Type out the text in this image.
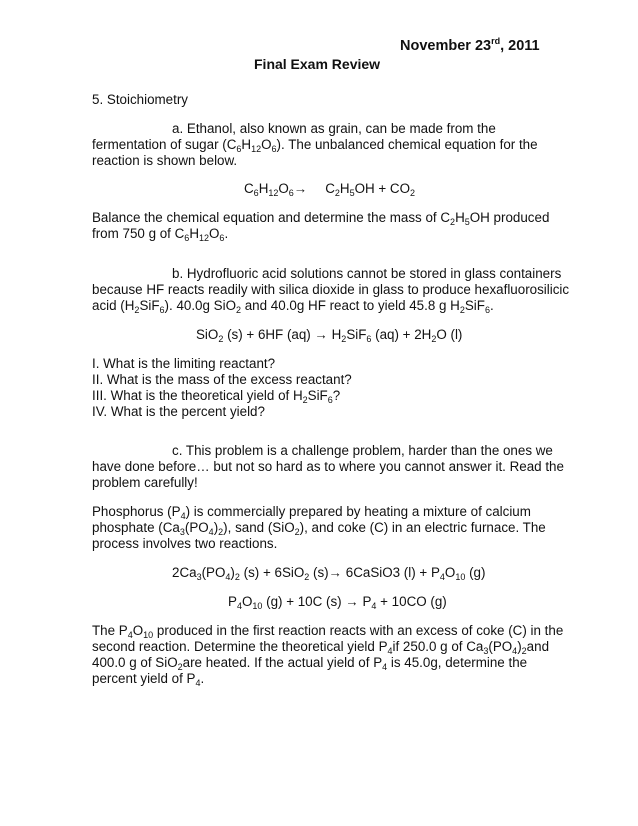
November 23rd, 2011
Final Exam Review
5. Stoichiometry
a. Ethanol, also known as grain, can be made from the
fermentation of sugar $(C_6H_{12}O_6)$. The unbalanced chemical equation for the
reaction is shown below.
$C_6H_{12}O_6\to C_2H_5OH + CO_2$
Balance the chemical equation and determine the mass of $C_2H_5OH$ produced
from 750 g of $C_6H_{12}O_6$.
b. Hydrofluoric acid solutions cannot be stored in glass containers
because HF reacts readily with silica dioxide in glass to produce hexafluorosilicic
acid $(H_2SiF_6)$. 40.0g SiO$_2$ and 40.0g HF react to yield 45.8 g $H_2SiF_6$.
SiO$_2$ (s) + 6HF $(aq) \to H_2SiF_6$ $(aq) + 2H_2O$ (l)
I. What is the limiting reactant?
II. What is the mass of the excess reactant?
III. What is the theoretical yield of $H_2SiF_6$?
IV. What is the percent yield?
c. This problem is a challenge problem, harder than the ones we
have done before… but not so hard as to where you cannot answer it. Read the
problem carefully!
Phosphorus $(P_4)$ is commercially prepared by heating a mixture of calcium
phosphate $(Ca_3(PO_4)_2)$, sand (SiO$_2$), and coke (C) in an electric furnace. The
process involves two reactions.
$2Ca_3(PO_4)_2$ (s) + 6SiO$_2$ (s)→ 6CaSiO3 $(l) + P_4O_{10}$ (g)
$P_4O_{10}$ (g) + 10C $(s) \to P_4 + 10CO$ (g)
The $P_4O_{10}$ produced in the first reaction reacts with an excess of coke (C) in the
second reaction. Determine the theoretical yield $P_4if$ 250.0 g of $Ca_3(PO_4)_2and$
400.0 g of SiO$_2$are heated. If the actual yield of $P_4$ is 45.0g, determine the
percent yield of $P_4$.
